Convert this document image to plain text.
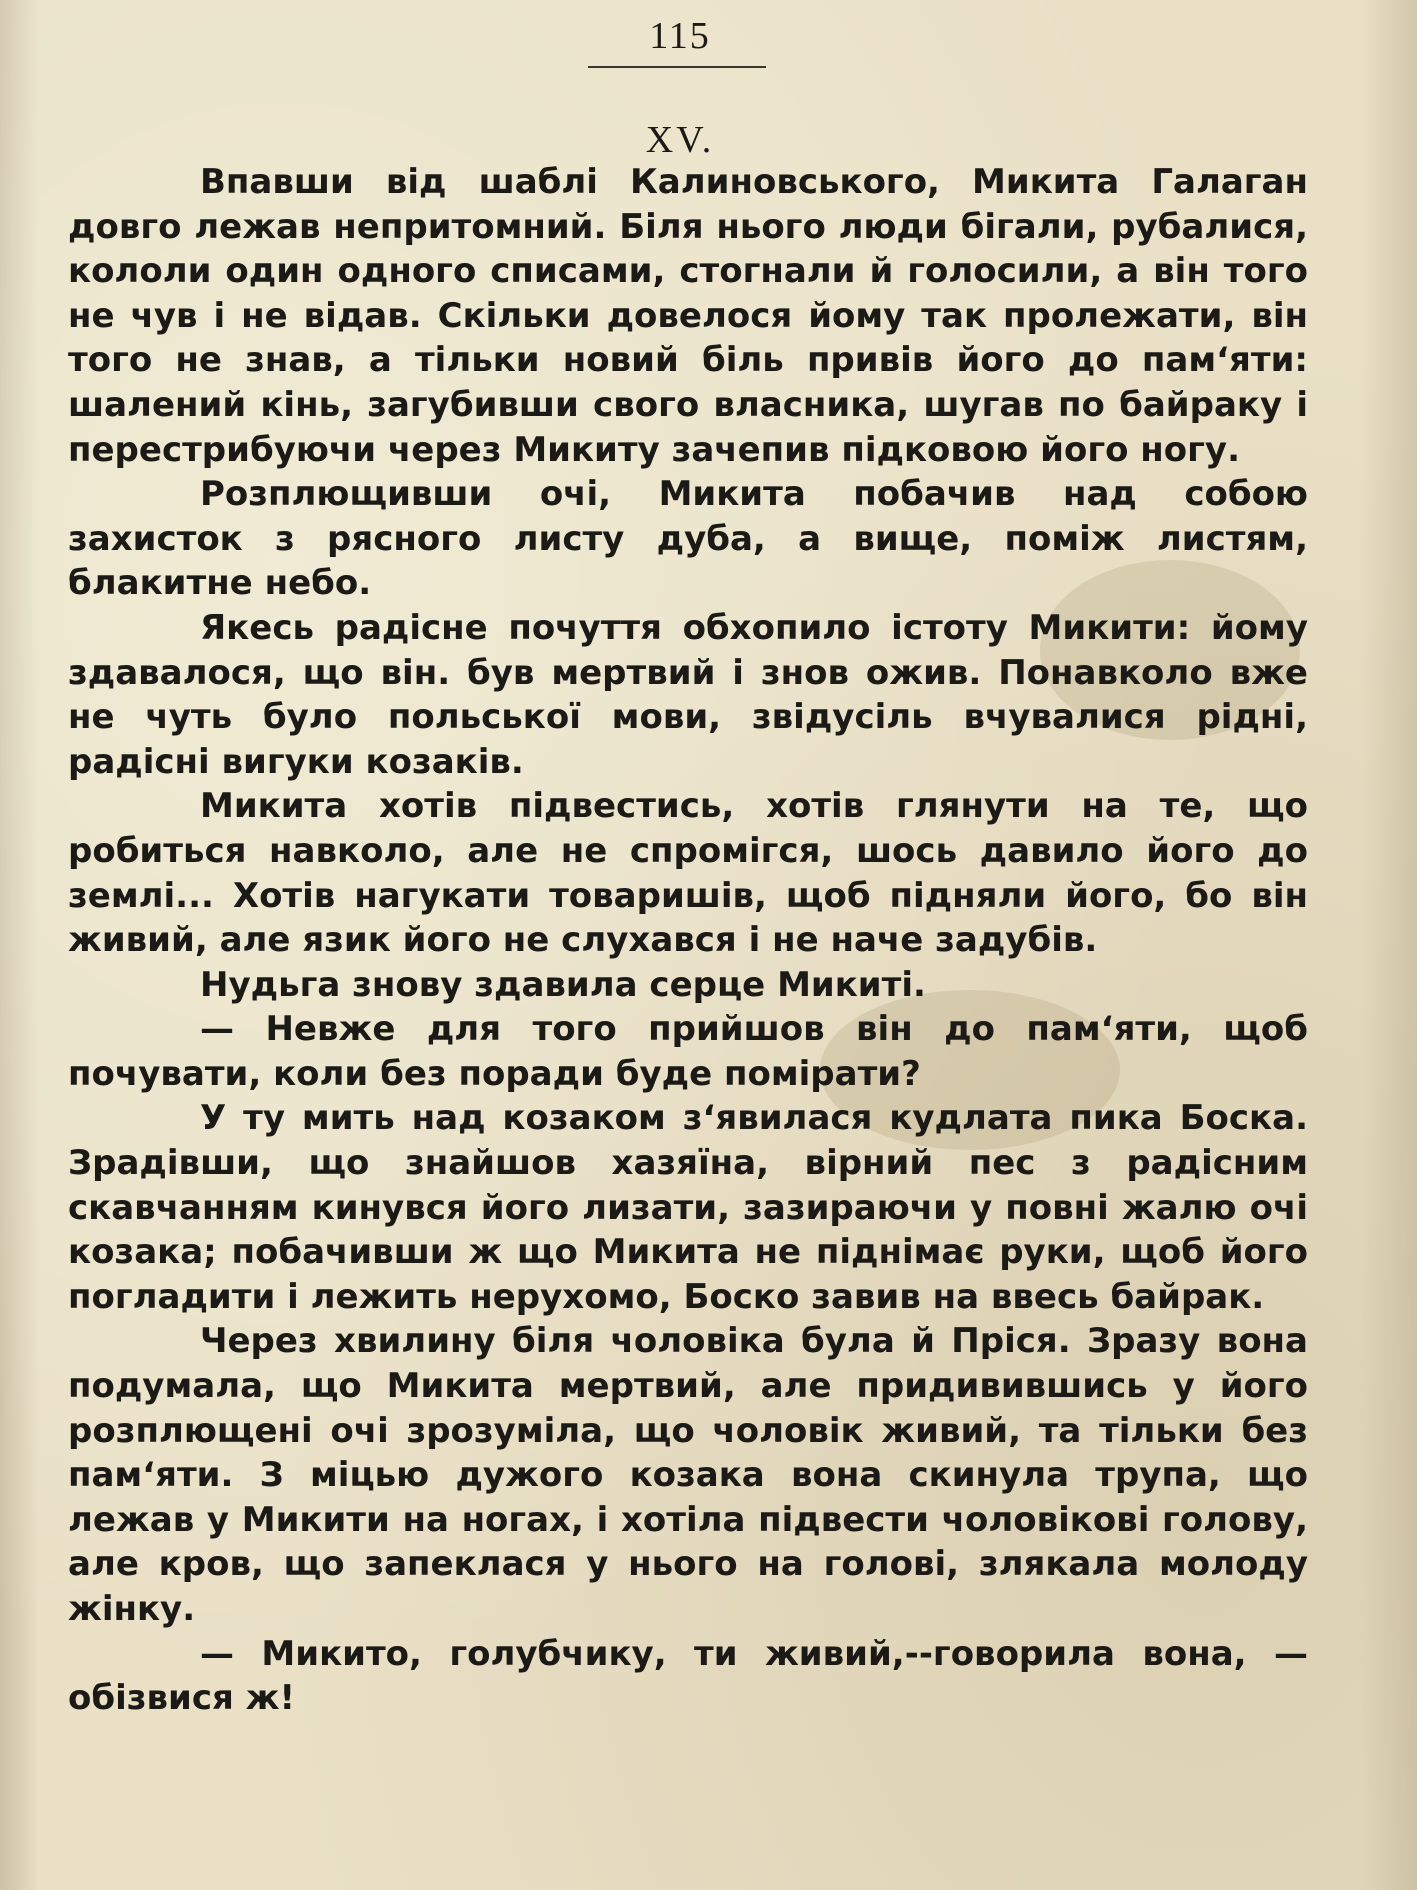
115
XV.

Впавши від шаблі Калиновського, Микита Галаган довго лежав непритомний. Біля нього люди бігали, рубалися, кололи один одного списами, стогнали й голосили, а він того не чув і не відав. Скільки довелося йому так пролежати, він того не знав, а тільки новий біль привів його до пам‘яти: шалений кінь, загубивши свого власника, шугав по байраку і перестрибуючи через Микиту зачепив підковою його ногу.

Розплющивши очі, Микита побачив над собою захисток з рясного листу дуба, а вище, поміж листям, блакитне небо.

Якесь радісне почуття обхопило істоту Микити: йому здавалося, що він. був мертвий і знов ожив. Понавколо вже не чуть було польської мови, звідусіль вчувалися рідні, радісні вигуки козаків.

Микита хотів підвестись, хотів глянути на те, що робиться навколо, але не спромігся, шось давило його до землі... Хотів нагукати товаришів, щоб підняли його, бо він живий, але язик його не слухався і не наче задубів.

Нудьга знову здавила серце Микиті.

— Невже для того прийшов він до пам‘яти, щоб почувати, коли без поради буде помірати?

У ту мить над козаком з‘явилася кудлата пика Боска. Зрадівши, що знайшов хазяїна, вірний пес з радісним скавчанням кинувся його лизати, зазираючи у повні жалю очі козака; побачивши ж що Микита не піднімає руки, щоб його погладити і лежить нерухомо, Боско завив на ввесь байрак.

Через хвилину біля чоловіка була й Пріся. Зразу вона подумала, що Микита мертвий, але придивившись у його розплющені очі зрозуміла, що чоловік живий, та тільки без пам‘яти. З міцью дужого козака вона скинула трупа, що лежав у Микити на ногах, і хотіла підвести чоловікові голову, але кров, що запеклася у нього на голові, злякала молоду жінку.

— Микито, голубчику, ти живий,--говорила вона, —обізвися ж!
